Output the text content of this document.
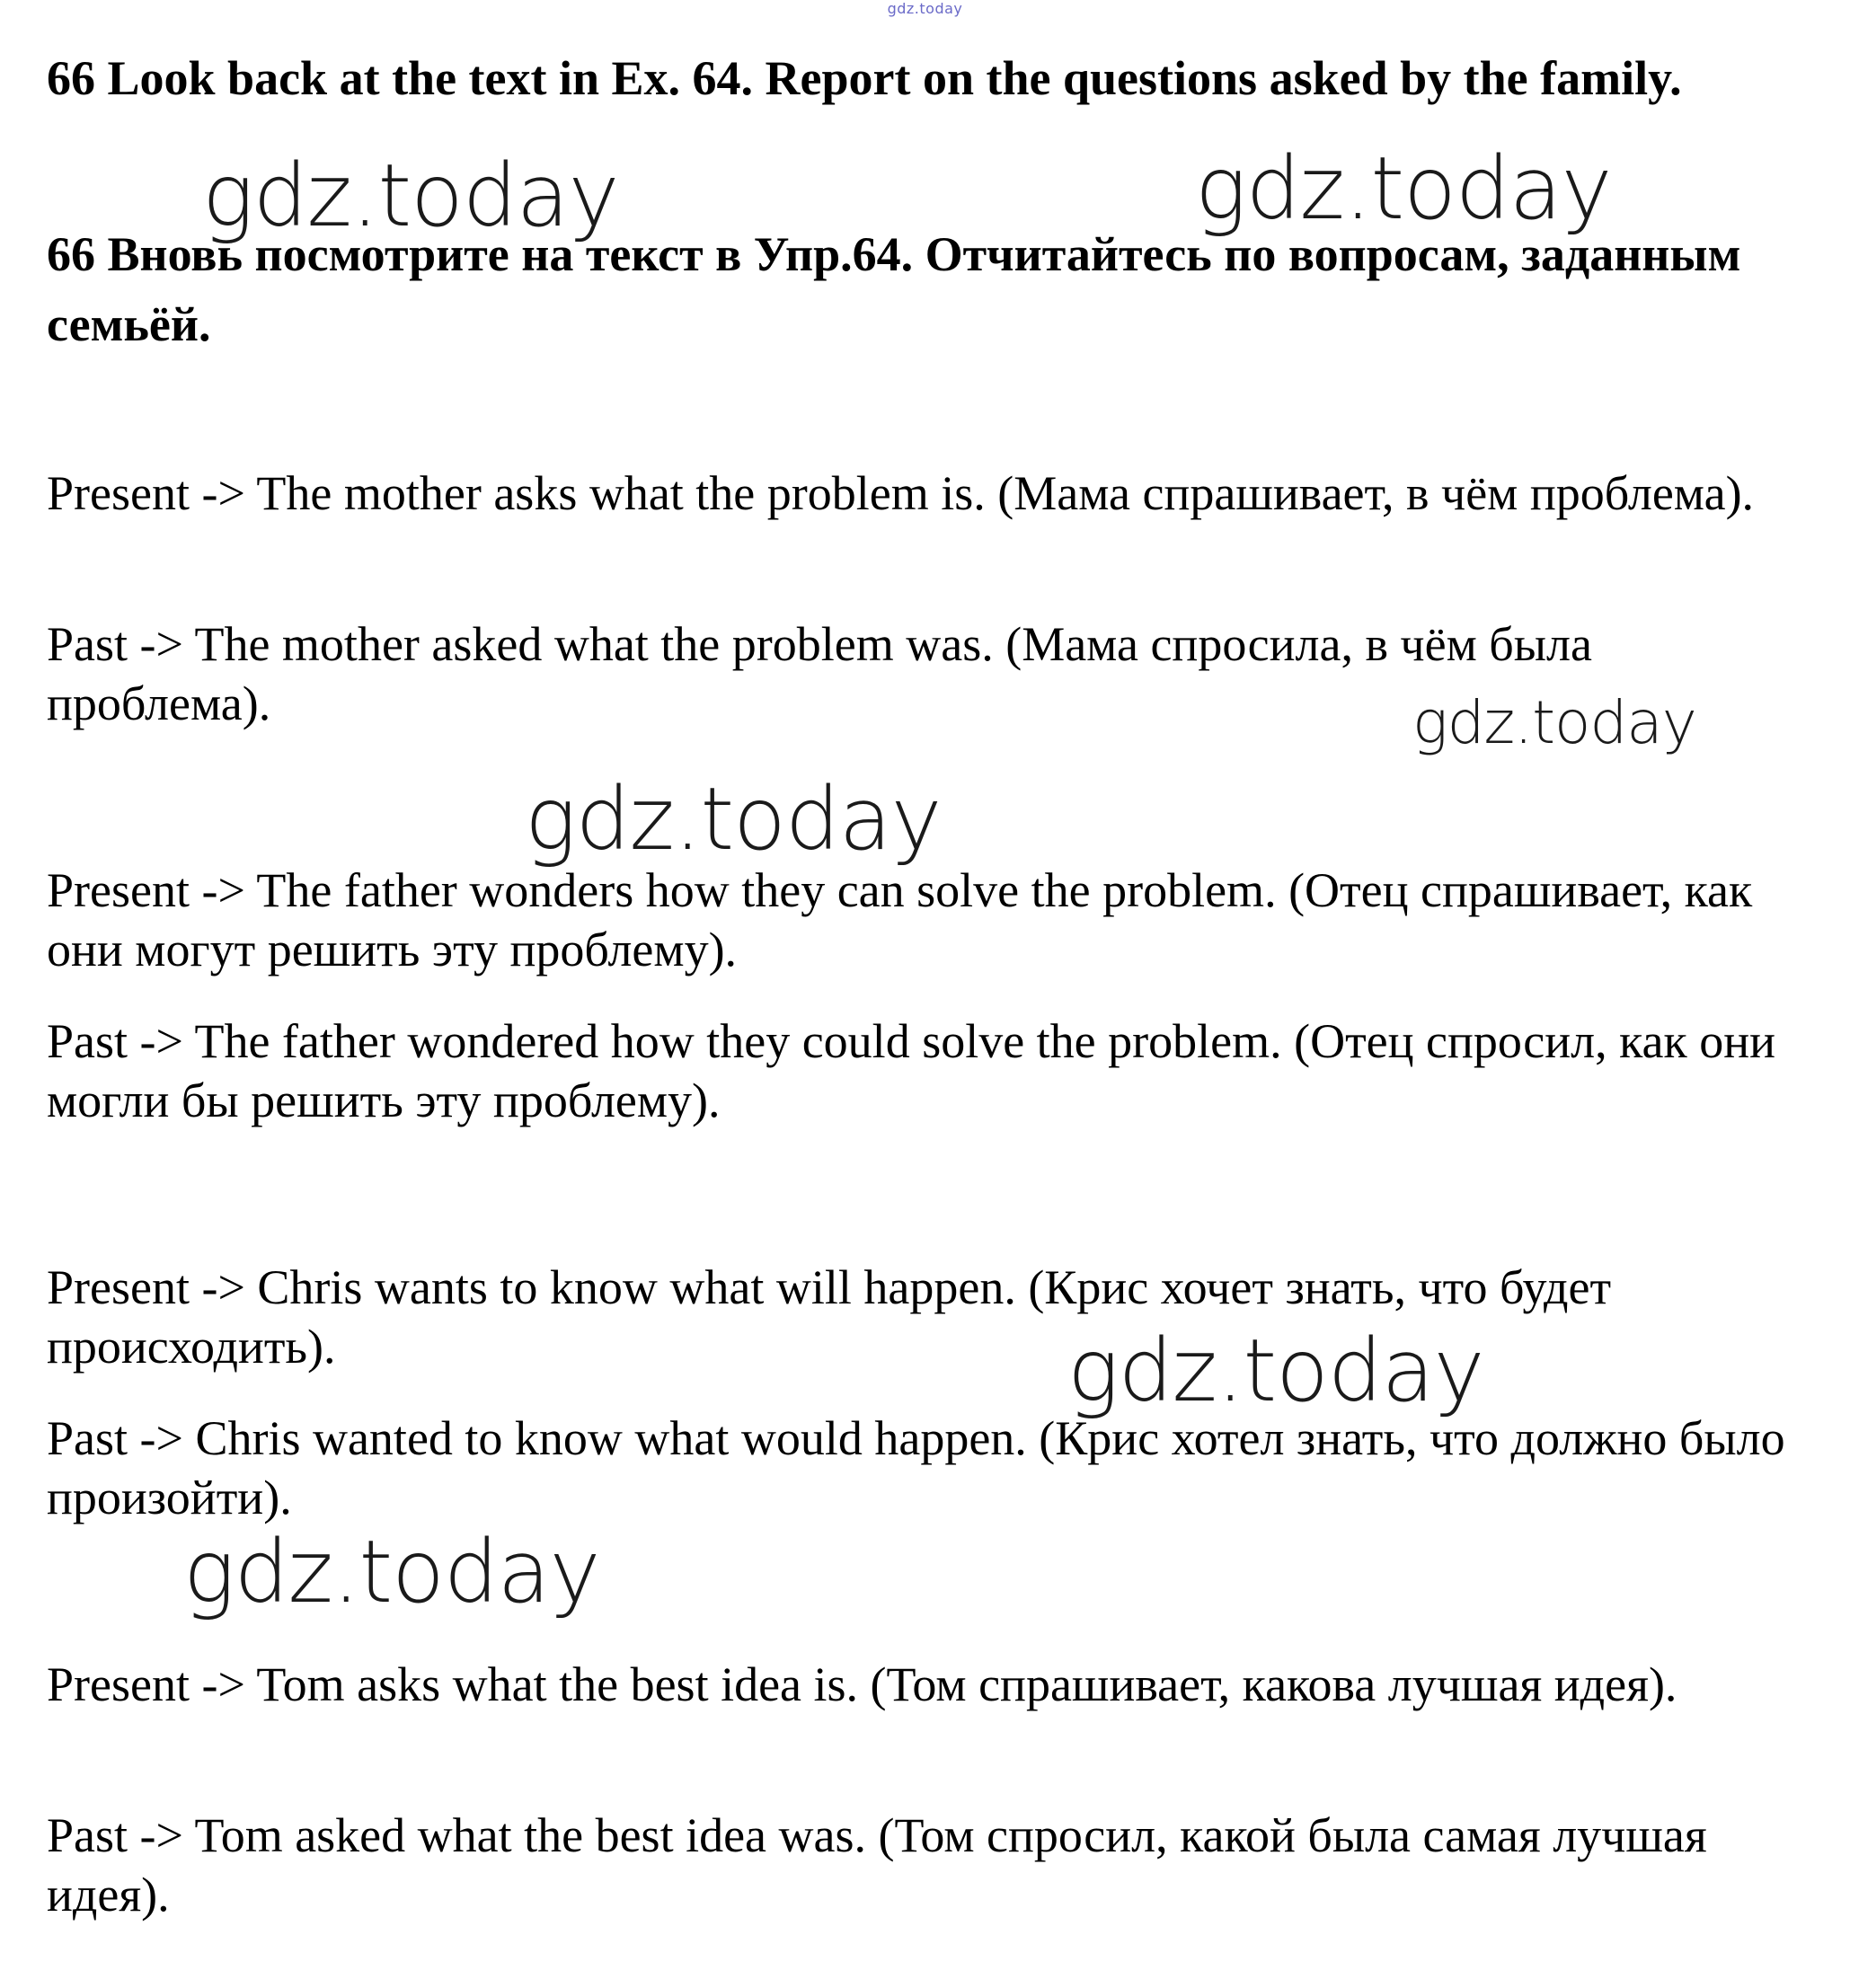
gdz.today

66 Look back at the text in Ex. 64. Report on the questions asked by the family.

66 Вновь посмотрите на текст в Упр.64. Отчитайтесь по вопросам, заданным семьёй.

Present -> The mother asks what the problem is. (Мама спрашивает, в чём проблема).

Past -> The mother asked what the problem was. (Мама спросила, в чём была проблема).

Present -> The father wonders how they can solve the problem. (Отец спрашивает, как они могут решить эту проблему).

Past -> The father wondered how they could solve the problem. (Отец спросил, как они могли бы решить эту проблему).

Present -> Chris wants to know what will happen. (Крис хочет знать, что будет происходить).

Past -> Chris wanted to know what would happen. (Крис хотел знать, что должно было произойти).

Present -> Tom asks what the best idea is. (Том спрашивает, какова лучшая идея).

Past -> Tom asked what the best idea was. (Том спросил, какой была самая лучшая идея).

gdz.today	gdz.today
gdz.today
gdz.today
gdz.today
gdz.today
